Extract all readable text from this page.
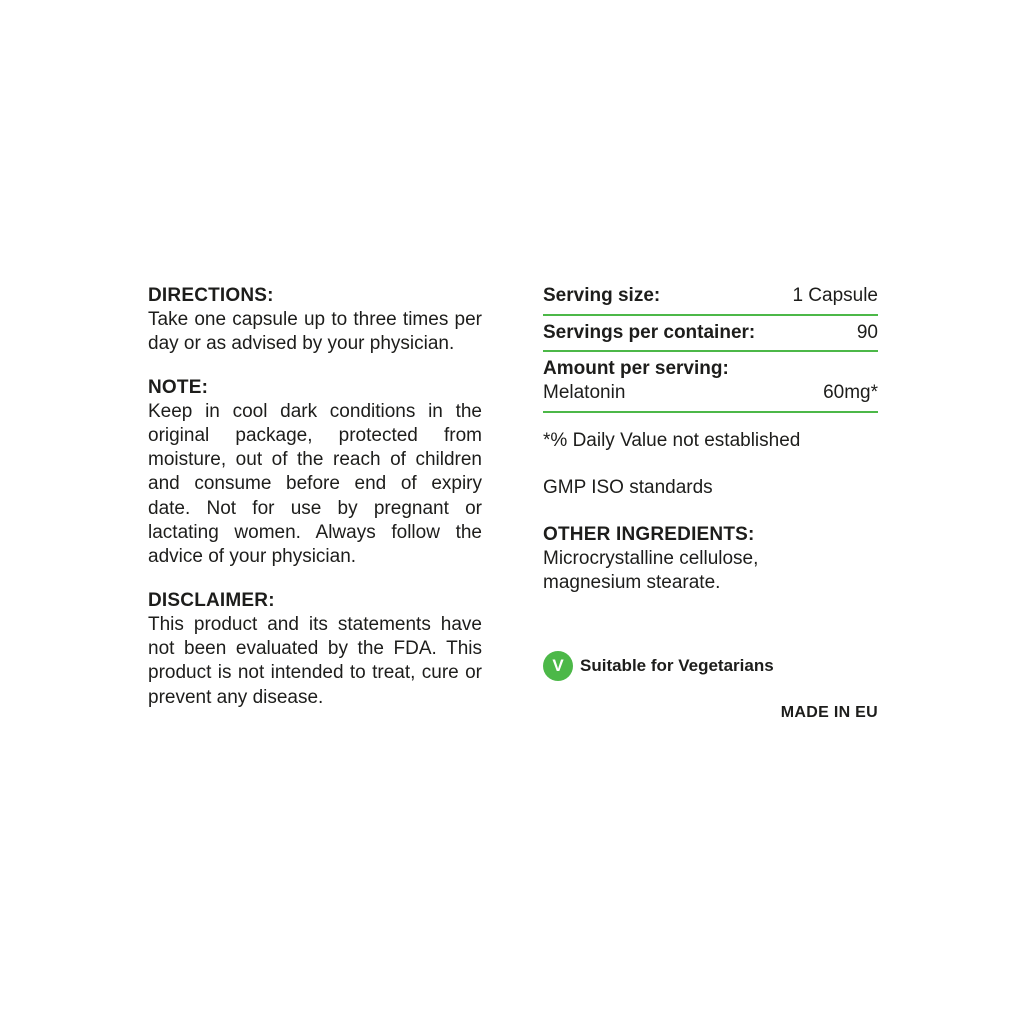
DIRECTIONS:

Take one capsule up to three times per day or as advised by your physician.

NOTE:

Keep in cool dark conditions in the original package, protected from moisture, out of the reach of children and consume before end of expiry date. Not for use by pregnant or lactating women. Always follow the advice of your physician.

DISCLAIMER:

This product and its statements have not been evaluated by the FDA. This product is not intended to treat, cure or prevent any disease.

Serving size:	1 Capsule
Servings per container:	90
Amount per serving:
Melatonin	60mg*

*% Daily Value not established

GMP ISO standards

OTHER INGREDIENTS:

Microcrystalline cellulose,

magnesium stearate.

V Suitable for Vegetarians
MADE IN EU
